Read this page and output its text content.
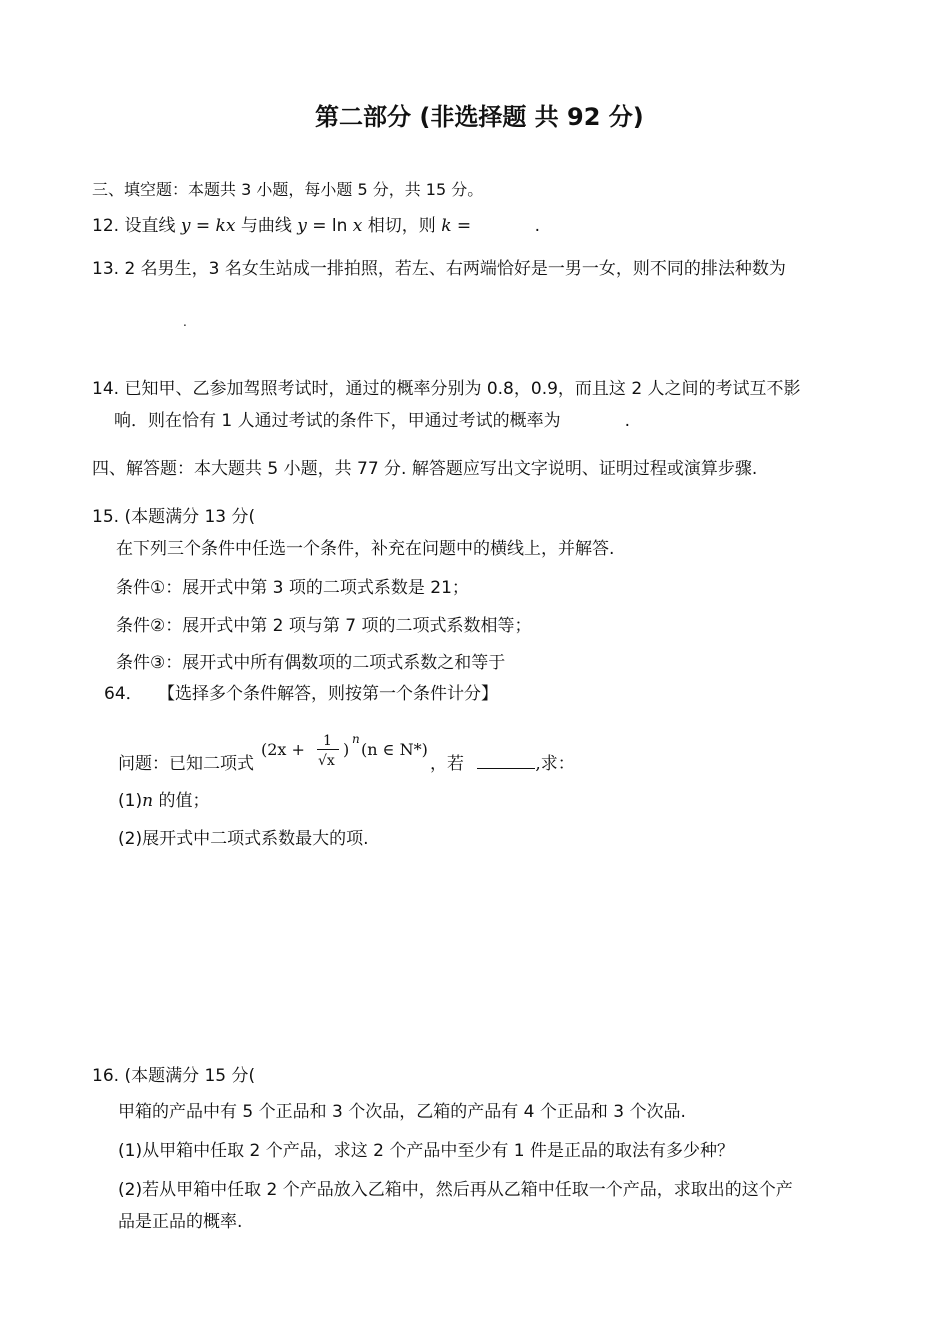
第二部分 (非选择题 共 92 分)
三、填空题：本题共 3 小题，每小题 5 分，共 15 分。
12. 设直线 y = kx 与曲线 y = ln x 相切，则 k =	.
13. 2 名男生，3 名女生站成一排拍照，若左、右两端恰好是一男一女，则不同的排法种数为
.
14. 已知甲、乙参加驾照考试时，通过的概率分别为 0.8，0.9，而且这 2 人之间的考试互不影
响．则在恰有 1 人通过考试的条件下，甲通过考试的概率为	.
四、解答题：本大题共 5 小题，共 77 分. 解答题应写出文字说明、证明过程或演算步骤.
15. (本题满分 13 分(
在下列三个条件中任选一个条件，补充在问题中的横线上，并解答.
条件①：展开式中第 3 项的二项式系数是 21；
条件②：展开式中第 2 项与第 7 项的二项式系数相等；
条件③：展开式中所有偶数项的二项式系数之和等于
64． 【选择多个条件解答，则按第一个条件计分】
问题：已知二项式
(2x + 1
√x
)
n
(n ∈ N*)
，若	,求：
(1)n 的值；
(2)展开式中二项式系数最大的项.
16. (本题满分 15 分(
甲箱的产品中有 5 个正品和 3 个次品，乙箱的产品有 4 个正品和 3 个次品.
(1)从甲箱中任取 2 个产品，求这 2 个产品中至少有 1 件是正品的取法有多少种？
(2)若从甲箱中任取 2 个产品放入乙箱中，然后再从乙箱中任取一个产品，求取出的这个产
品是正品的概率.
